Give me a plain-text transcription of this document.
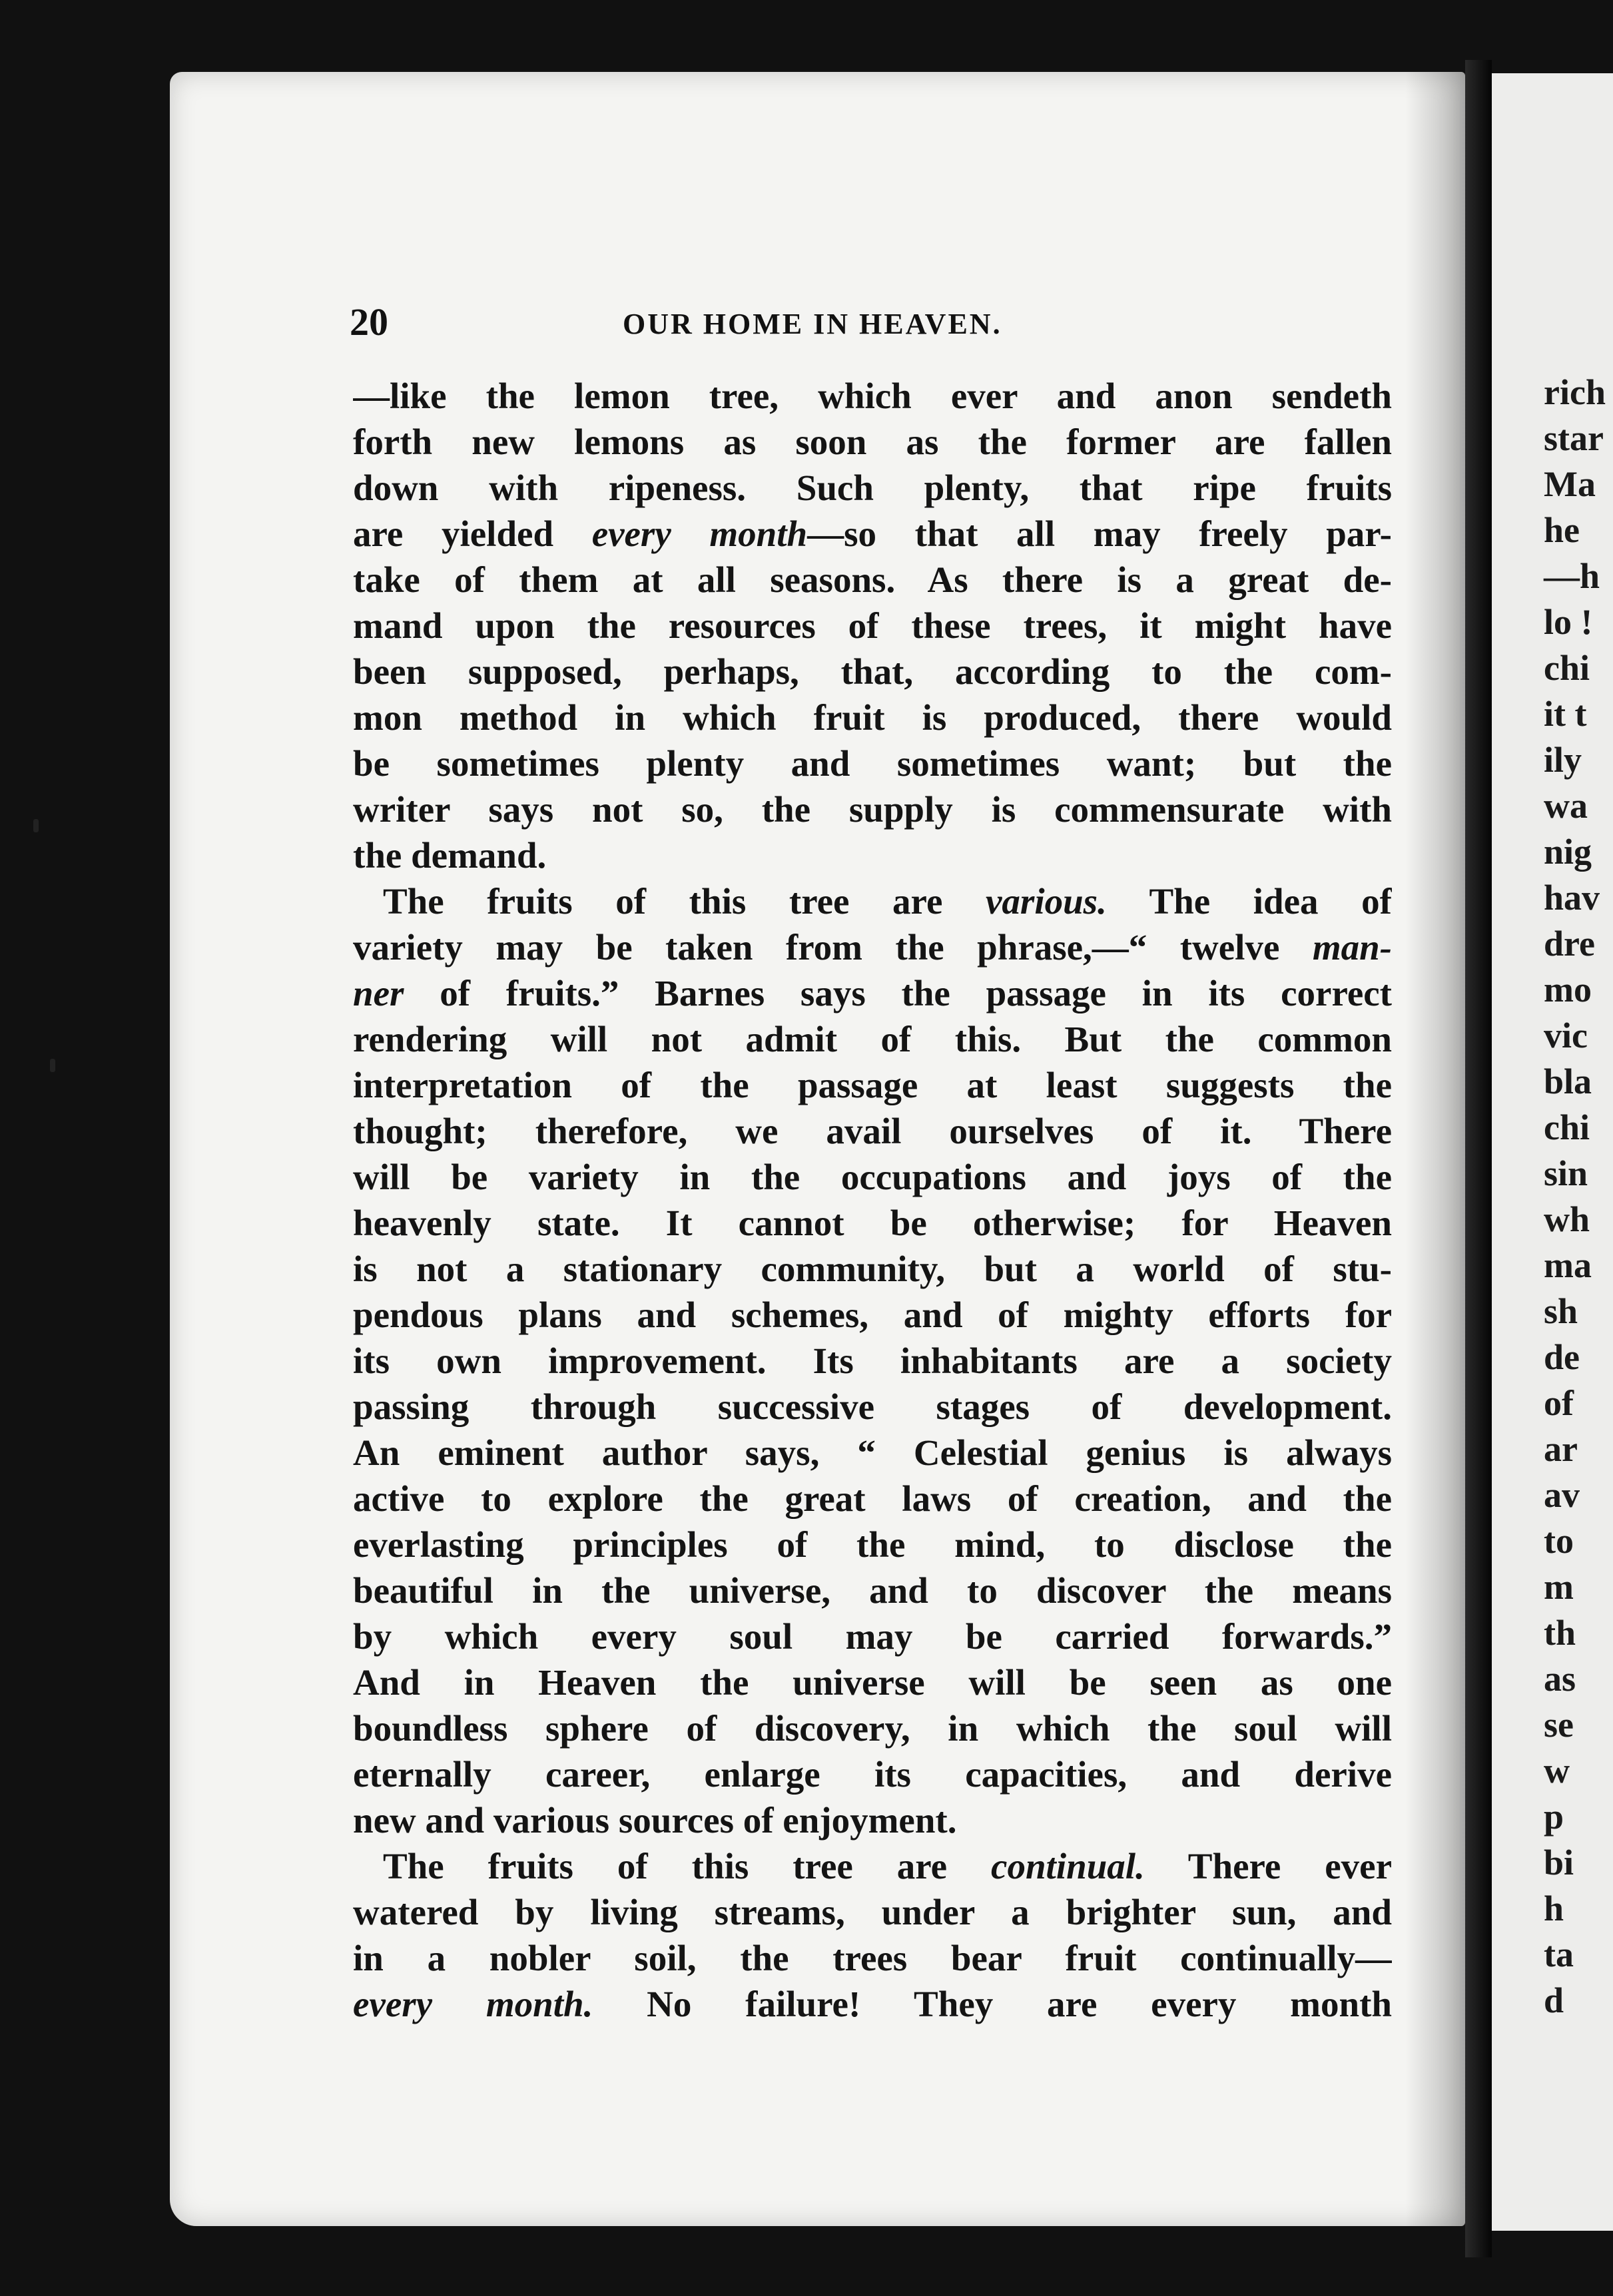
rich
star
Ma
he
—h
lo !
chi
it t
ily
wa
nig
hav
dre
mo
vic
bla
chi
sin
wh
ma
sh
de
of
ar
av
to
m
th
as
se
w
p
bi
h
ta
d
20	OUR HOME IN HEAVEN.
—like the lemon tree, which ever and anon sendeth
forth new lemons as soon as the former are fallen
down with ripeness. Such plenty, that ripe fruits
are yielded every month—so that all may freely par-
take of them at all seasons. As there is a great de-
mand upon the resources of these trees, it might have
been supposed, perhaps, that, according to the com-
mon method in which fruit is produced, there would
be sometimes plenty and sometimes want; but the
writer says not so, the supply is commensurate with
the demand.
The fruits of this tree are various. The idea of
variety may be taken from the phrase,—“ twelve man-
ner of fruits.” Barnes says the passage in its correct
rendering will not admit of this. But the common
interpretation of the passage at least suggests the
thought; therefore, we avail ourselves of it. There
will be variety in the occupations and joys of the
heavenly state. It cannot be otherwise; for Heaven
is not a stationary community, but a world of stu-
pendous plans and schemes, and of mighty efforts for
its own improvement. Its inhabitants are a society
passing through successive stages of development.
An eminent author says, “ Celestial genius is always
active to explore the great laws of creation, and the
everlasting principles of the mind, to disclose the
beautiful in the universe, and to discover the means
by which every soul may be carried forwards.”
And in Heaven the universe will be seen as one
boundless sphere of discovery, in which the soul will
eternally career, enlarge its capacities, and derive
new and various sources of enjoyment.
The fruits of this tree are continual. There ever
watered by living streams, under a brighter sun, and
in a nobler soil, the trees bear fruit continually—
every month. No failure! They are every month
